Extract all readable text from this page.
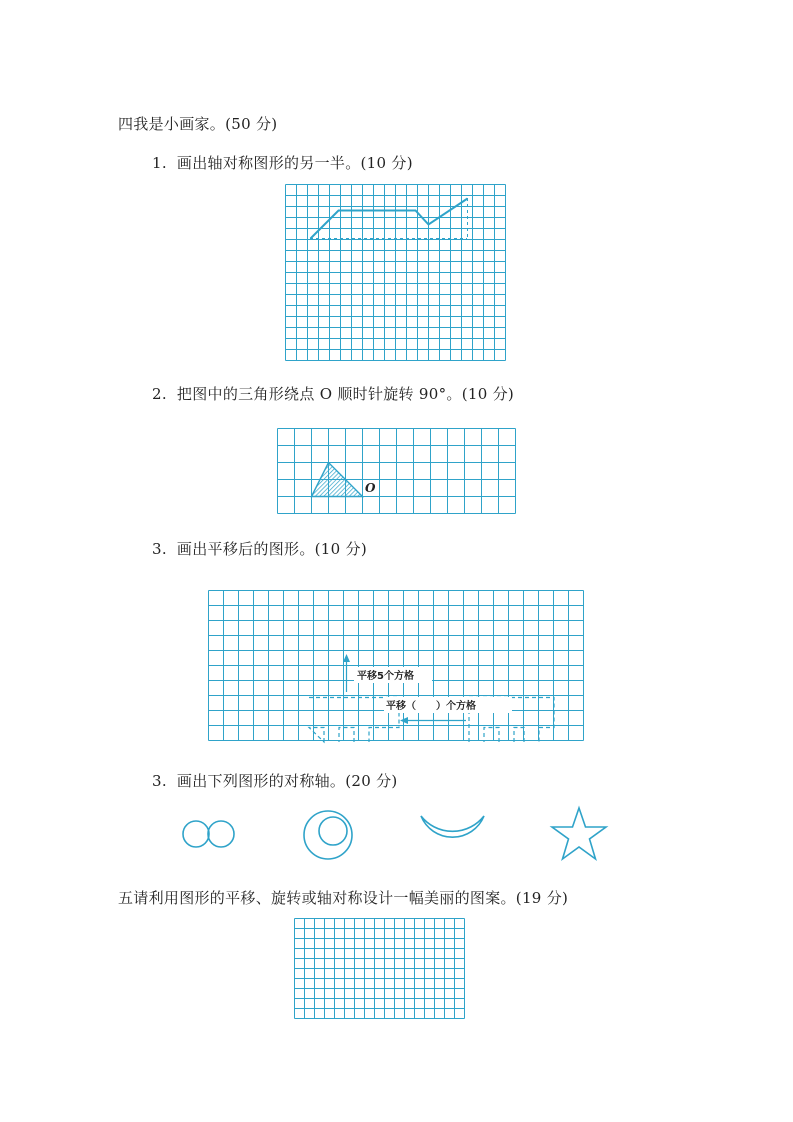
四我是小画家。(50 分)
1. 画出轴对称图形的另一半。(10 分)
2. 把图中的三角形绕点 O 顺时针旋转 90°。(10 分)
O
3. 画出平移后的图形。(10 分)
平移5个方格
平移（　　）个方格
3. 画出下列图形的对称轴。(20 分)
五请利用图形的平移、旋转或轴对称设计一幅美丽的图案。(19 分)
